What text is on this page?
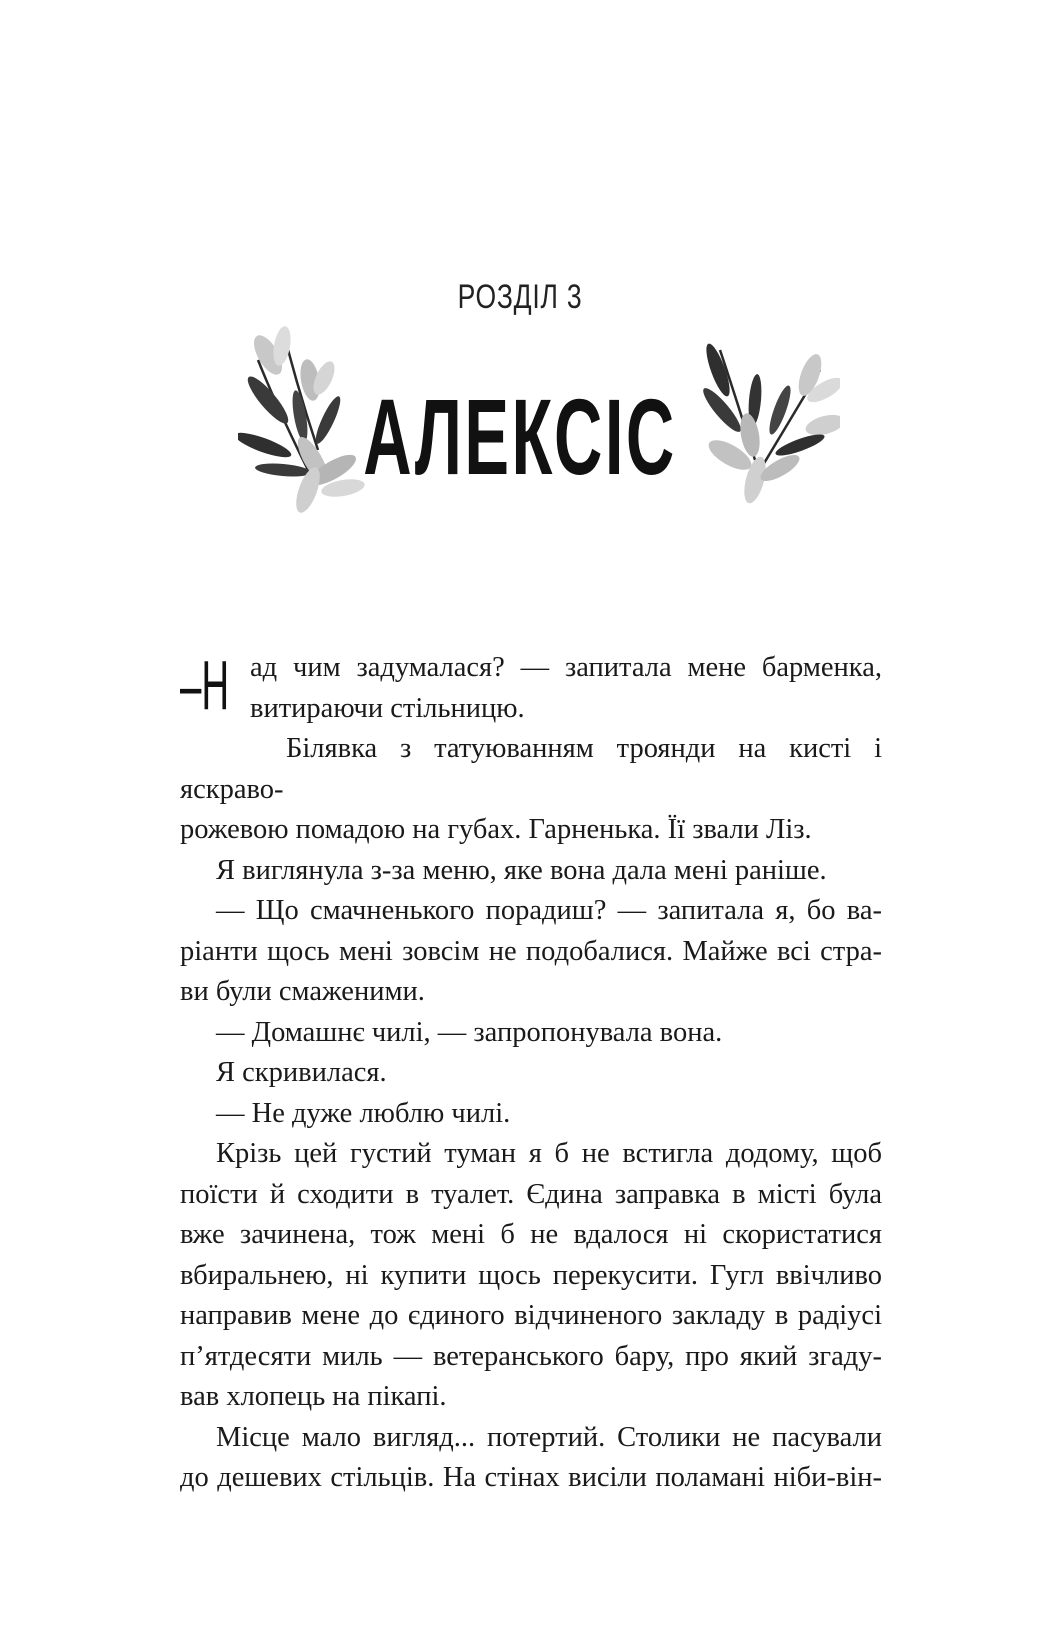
РОЗДІЛ 3
АЛЕКСІС

–Н ад чим задумалася? — запитала мене барменка,
витираючи стільницю.

Білявка з татуюванням троянди на кисті і яскраво-
рожевою помадою на губах. Гарненька. Її звали Ліз.

Я виглянула з-за меню, яке вона дала мені раніше.

— Що смачненького порадиш? — запитала я, бо ва-
ріанти щось мені зовсім не подобалися. Майже всі стра-
ви були смаженими.

— Домашнє чилі, — запропонувала вона.

Я скривилася.

— Не дуже люблю чилі.

Крізь цей густий туман я б не встигла додому, щоб
поїсти й сходити в туалет. Єдина заправка в місті була
вже зачинена, тож мені б не вдалося ні скористатися
вбиральнею, ні купити щось перекусити. Гугл ввічливо
направив мене до єдиного відчиненого закладу в радіусі
п’ятдесяти миль — ветеранського бару, про який згаду-
вав хлопець на пікапі.

Місце мало вигляд... потертий. Столики не пасували
до дешевих стільців. На стінах висіли поламані ніби-він-
